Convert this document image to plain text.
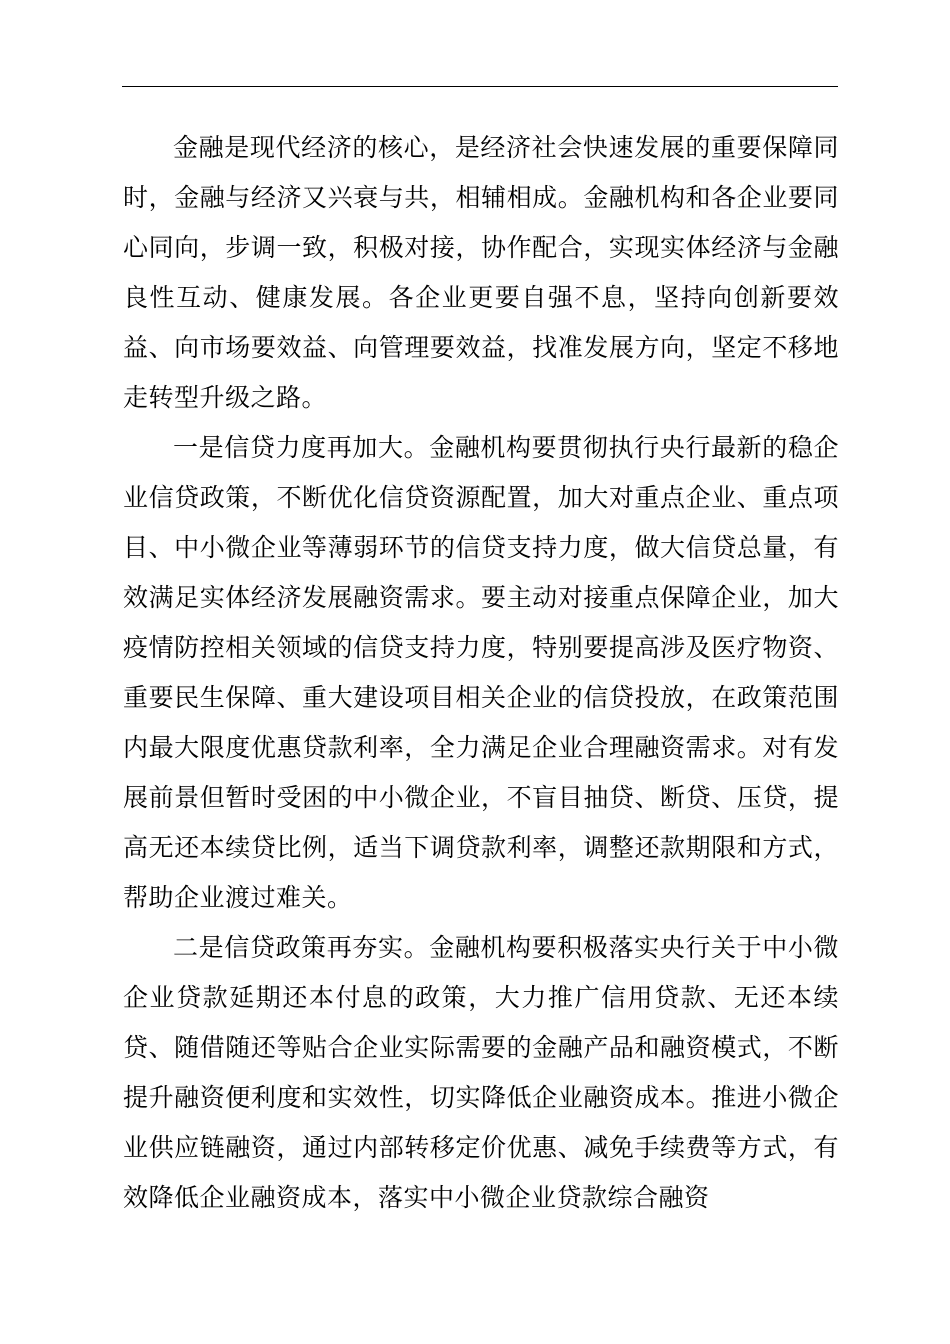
金融是现代经济的核心，是经济社会快速发展的重要保障同时，金融与经济又兴衰与共，相辅相成。金融机构和各企业要同心同向，步调一致，积极对接，协作配合，实现实体经济与金融良性互动、健康发展。各企业更要自强不息，坚持向创新要效益、向市场要效益、向管理要效益，找准发展方向，坚定不移地走转型升级之路。

一是信贷力度再加大。金融机构要贯彻执行央行最新的稳企业信贷政策，不断优化信贷资源配置，加大对重点企业、重点项目、中小微企业等薄弱环节的信贷支持力度，做大信贷总量，有效满足实体经济发展融资需求。要主动对接重点保障企业，加大疫情防控相关领域的信贷支持力度，特别要提高涉及医疗物资、重要民生保障、重大建设项目相关企业的信贷投放，在政策范围内最大限度优惠贷款利率，全力满足企业合理融资需求。对有发展前景但暂时受困的中小微企业，不盲目抽贷、断贷、压贷，提高无还本续贷比例，适当下调贷款利率，调整还款期限和方式，帮助企业渡过难关。

二是信贷政策再夯实。金融机构要积极落实央行关于中小微企业贷款延期还本付息的政策，大力推广信用贷款、无还本续贷、随借随还等贴合企业实际需要的金融产品和融资模式，不断提升融资便利度和实效性，切实降低企业融资成本。推进小微企业供应链融资，通过内部转移定价优惠、减免手续费等方式，有效降低企业融资成本，落实中小微企业贷款综合融资
